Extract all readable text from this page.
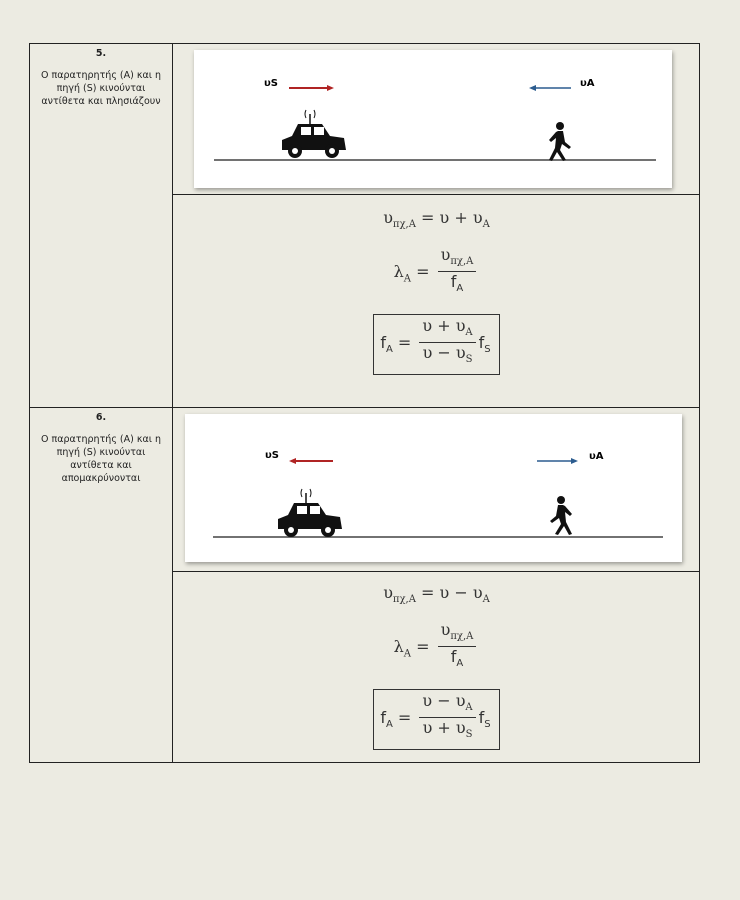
5.
Ο παρατηρητής (Α) και η πηγή (S) κινούνται αντίθετα και πλησιάζουν
υS	υA
$\upsilon_{\pi\chi,A} = \upsilon + \upsilon_A$
$\lambda_A = \frac{\upsilon_{\pi\chi,A}}{f_A}$
$f_A = \frac{\upsilon + \upsilon_A}{\upsilon - \upsilon_S} f_S$
6.
Ο παρατηρητής (Α) και η πηγή (S) κινούνται αντίθετα και απομακρύνονται
υS	υA
$\upsilon_{\pi\chi,A} = \upsilon - \upsilon_A$
$\lambda_A = \frac{\upsilon_{\pi\chi,A}}{f_A}$
$f_A = \frac{\upsilon - \upsilon_A}{\upsilon + \upsilon_S} f_S$
